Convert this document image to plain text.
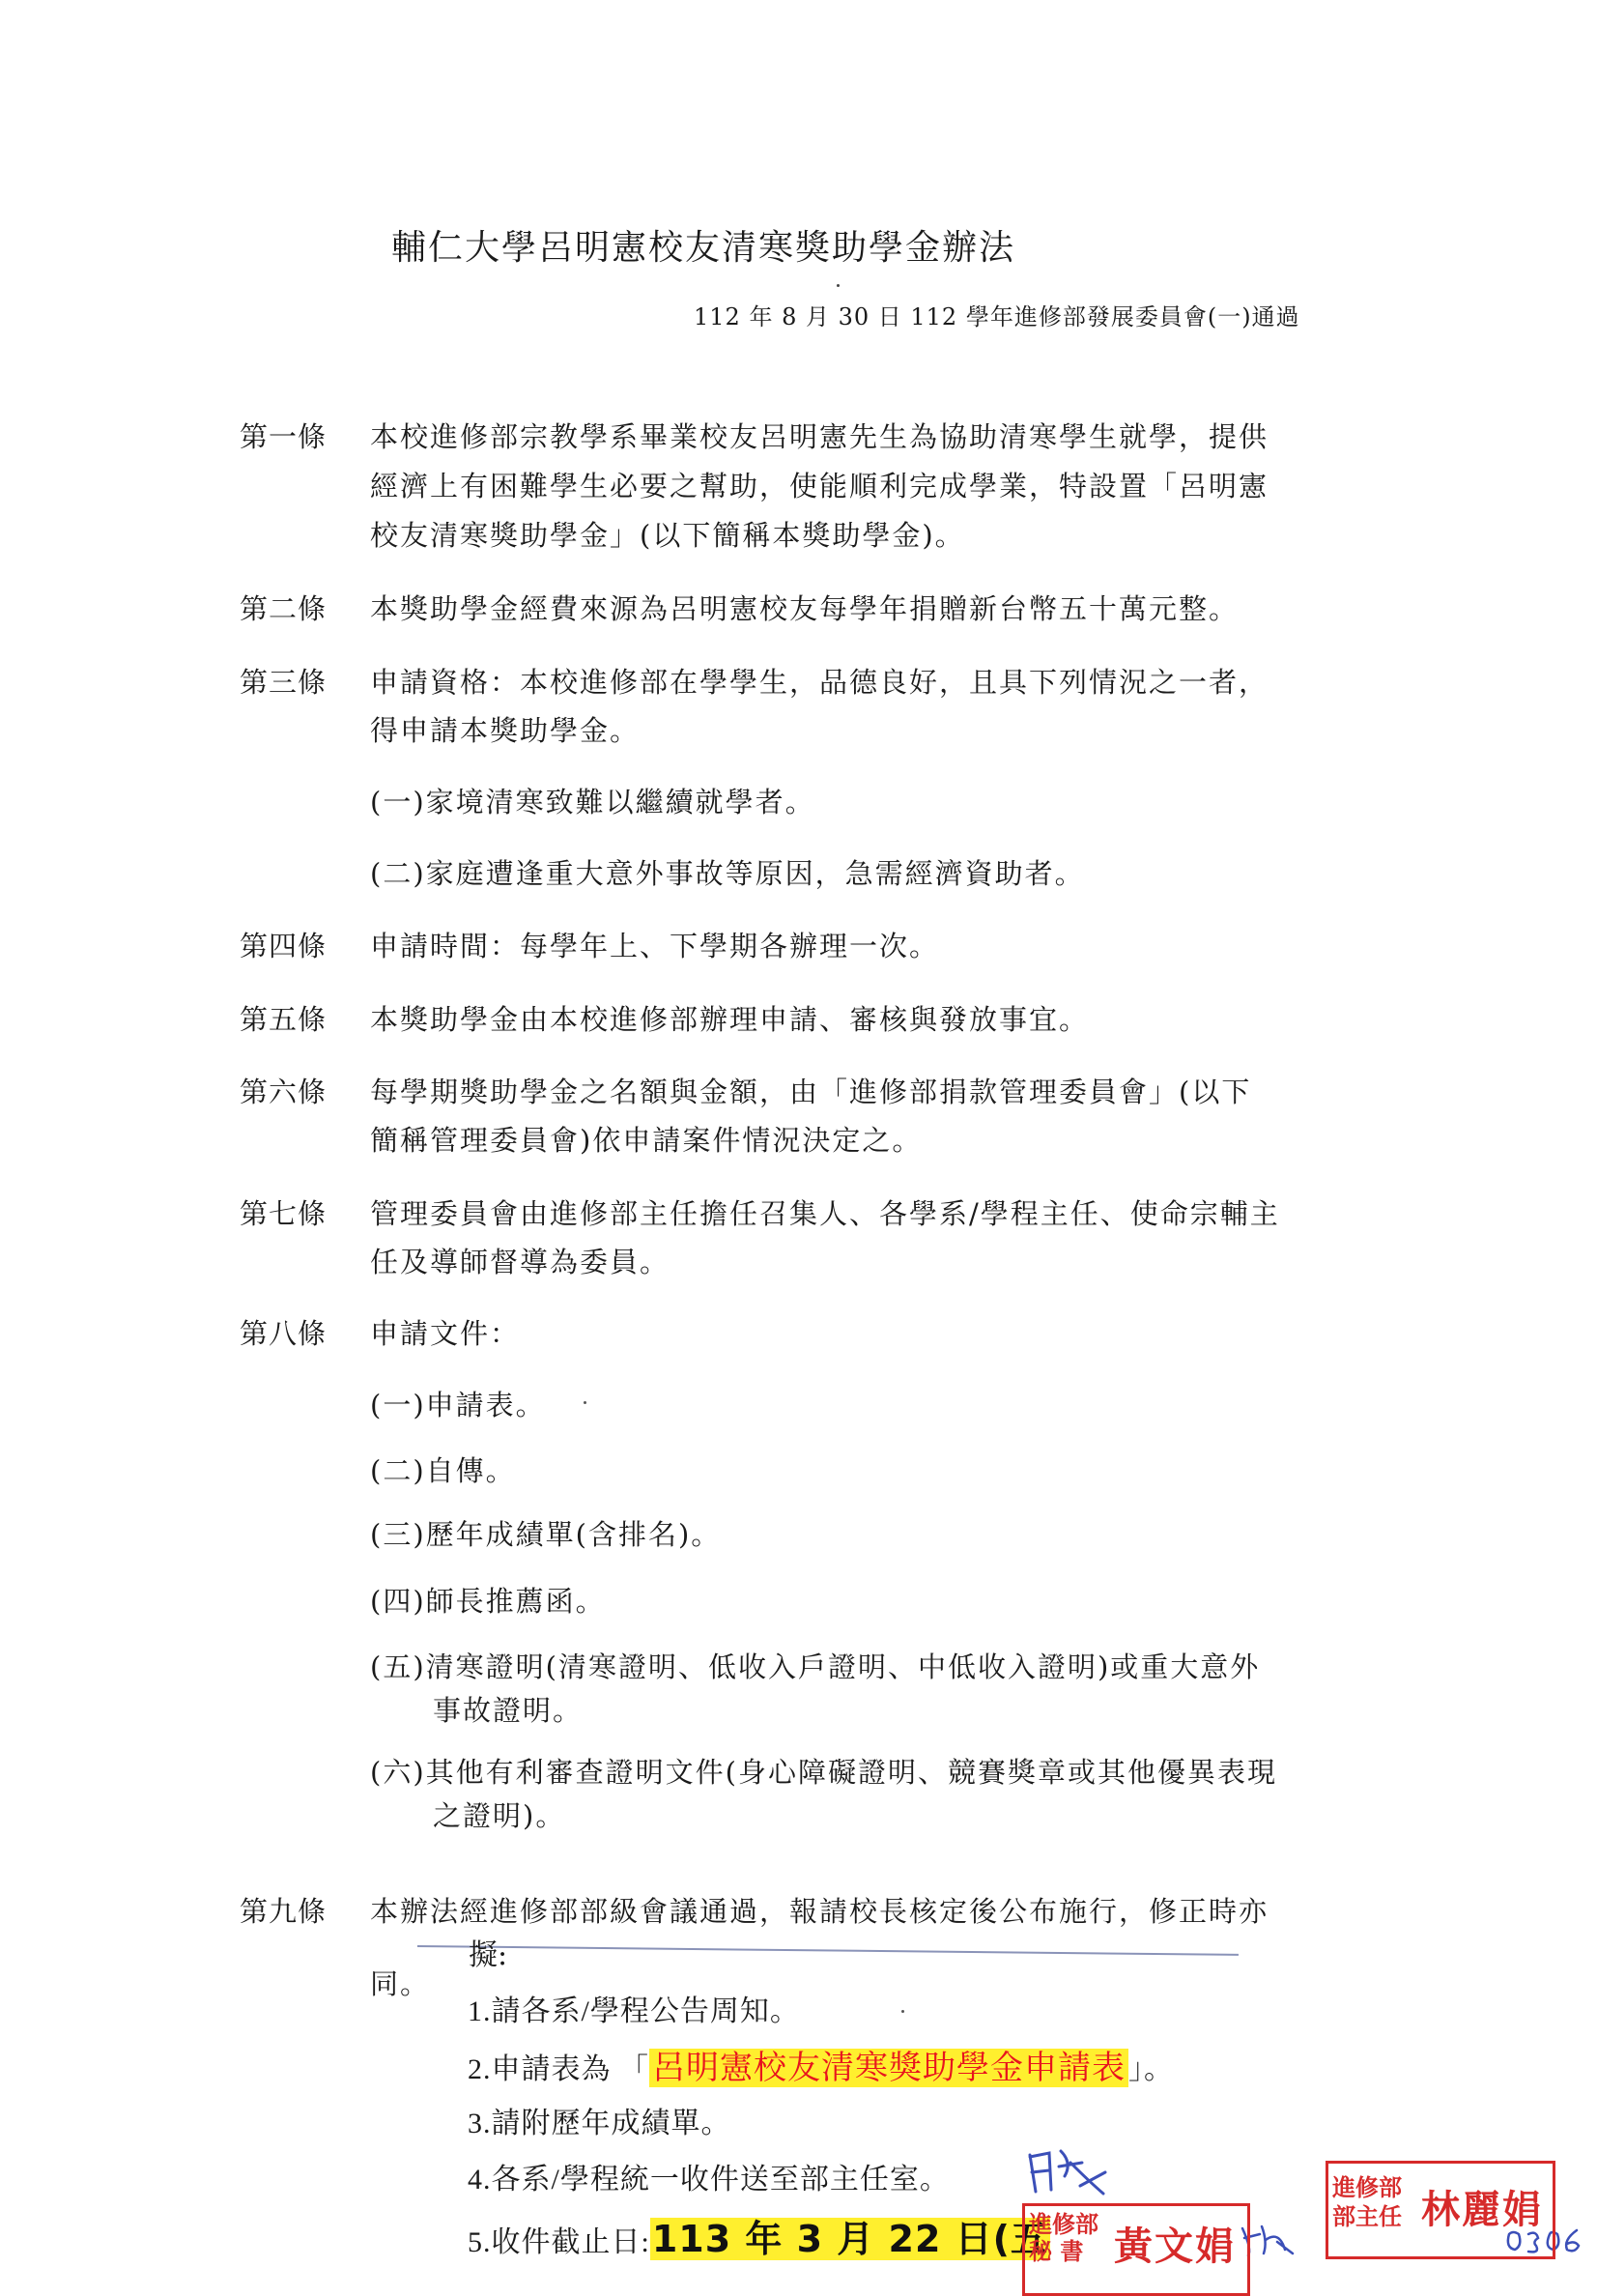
輔仁大學呂明憲校友清寒獎助學金辦法
112 年 8 月 30 日 112 學年進修部發展委員會(一)通過
第一條 本校進修部宗教學系畢業校友呂明憲先生為協助清寒學生就學，提供
經濟上有困難學生必要之幫助，使能順利完成學業，特設置「呂明憲
校友清寒獎助學金」(以下簡稱本獎助學金)。
第二條 本獎助學金經費來源為呂明憲校友每學年捐贈新台幣五十萬元整。
第三條 申請資格：本校進修部在學學生，品德良好，且具下列情況之一者，
得申請本獎助學金。
(一)家境清寒致難以繼續就學者。
(二)家庭遭逢重大意外事故等原因，急需經濟資助者。
第四條 申請時間：每學年上、下學期各辦理一次。
第五條 本獎助學金由本校進修部辦理申請、審核與發放事宜。
第六條 每學期獎助學金之名額與金額，由「進修部捐款管理委員會」(以下
簡稱管理委員會)依申請案件情況決定之。
第七條 管理委員會由進修部主任擔任召集人、各學系/學程主任、使命宗輔主
任及導師督導為委員。
第八條 申請文件：
(一)申請表。
(二)自傳。
(三)歷年成績單(含排名)。
(四)師長推薦函。
(五)清寒證明(清寒證明、低收入戶證明、中低收入證明)或重大意外
事故證明。
(六)其他有利審查證明文件(身心障礙證明、競賽獎章或其他優異表現
之證明)。
第九條 本辦法經進修部部級會議通過，報請校長核定後公布施行，修正時亦
同。
擬:
1.請各系/學程公告周知。
2.申請表為 「呂明憲校友清寒獎助學金申請表 」。
3.請附歷年成績單。
4.各系/學程統一收件送至部主任室。
5.收件截止日:113 年 3 月 22 日(五
進修部
秘 書 黃文娟
進修部
部主任 林麗娟
